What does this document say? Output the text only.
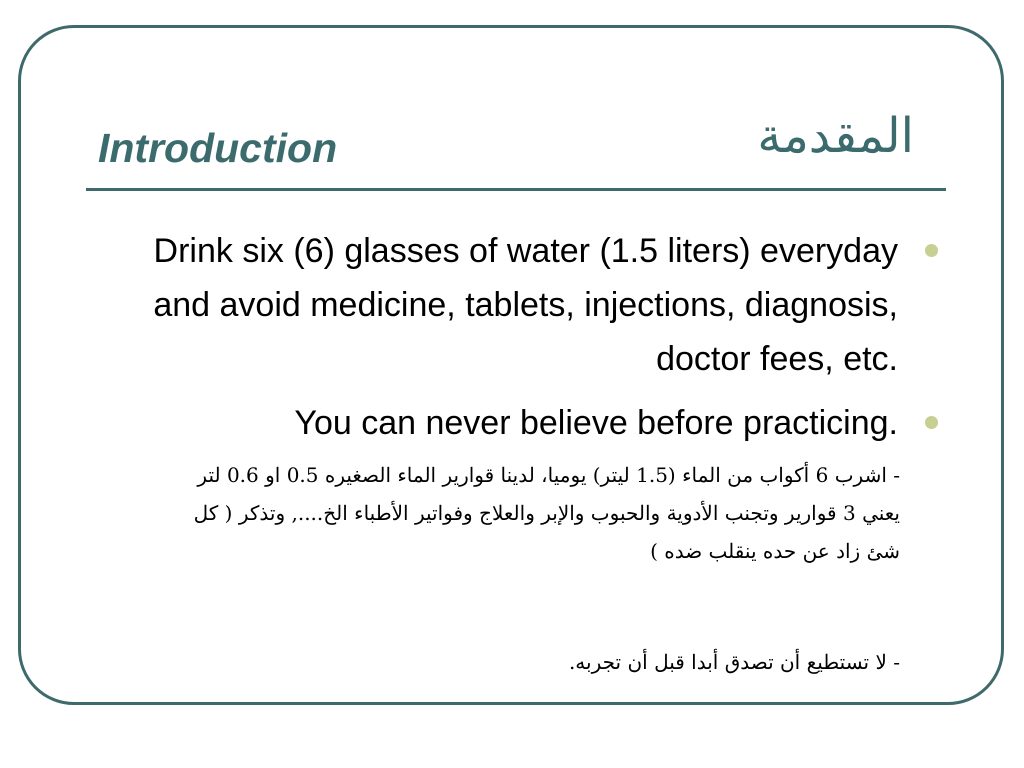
Introduction	المقدمة
Drink six (6) glasses of water (1.5 liters) everyday and avoid medicine, tablets, injections, diagnosis, doctor fees, etc.
You can never believe before practicing.
- اشرب 6 أكواب من الماء (1.5 ليتر) يوميا، لدينا قوارير الماء الصغيره 0.5 او 0.6 لتر يعني 3 قوارير وتجنب الأدوية والحبوب والإبر والعلاج وفواتير الأطباء الخ...., وتذكر ( كل شئ زاد عن حده ينقلب ضده )
- لا تستطيع أن تصدق أبدا قبل أن تجربه.
